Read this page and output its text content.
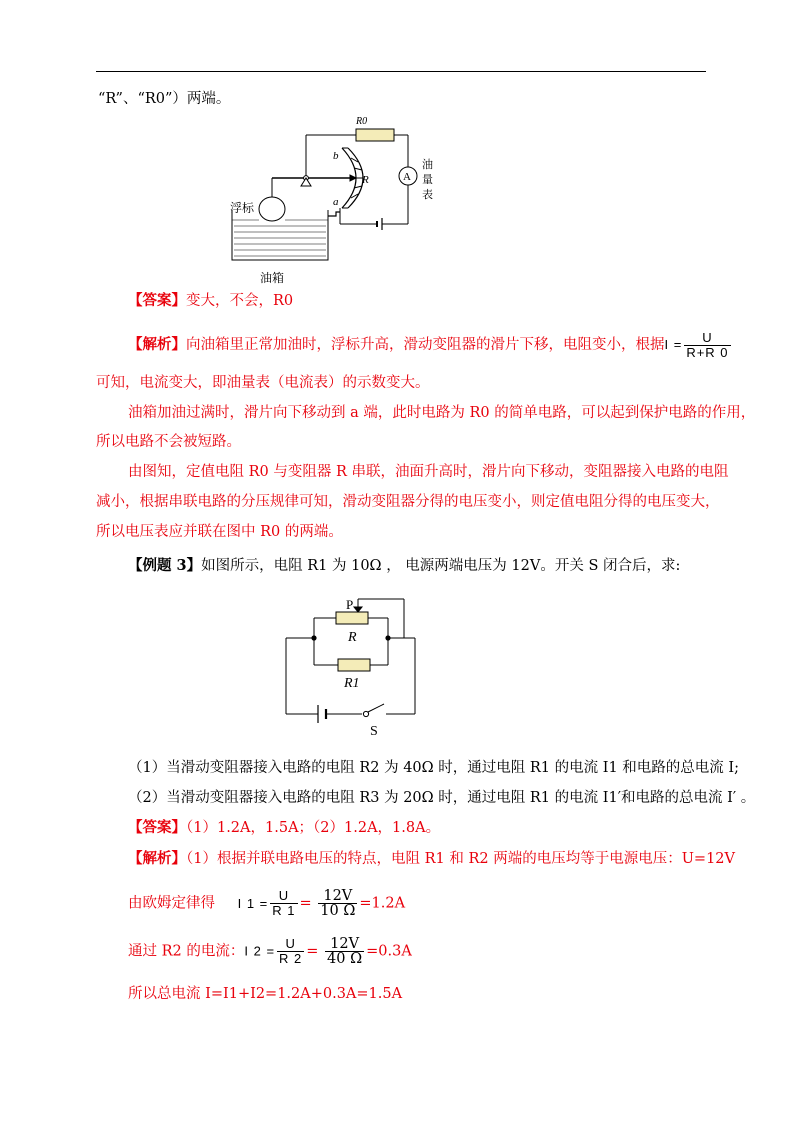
“R”、“R0”）两端。
R0
b
R
a
A
油
量
表
浮标
油箱
【答案】变大，不会，R0
【解析】向油箱里正常加油时，浮标升高，滑动变阻器的滑片下移，电阻变小，根据$I = \frac{U}{R+R 0}$
可知，电流变大，即油量表（电流表）的示数变大。
油箱加油过满时，滑片向下移动到 a 端，此时电路为 R0 的简单电路，可以起到保护电路的作用，
所以电路不会被短路。
由图知，定值电阻 R0 与变阻器 R 串联，油面升高时，滑片向下移动，变阻器接入电路的电阻
减小，根据串联电路的分压规律可知，滑动变阻器分得的电压变小，则定值电阻分得的电压变大，
所以电压表应并联在图中 R0 的两端。
【例题 3】如图所示，电阻 R1 为 10Ω ， 电源两端电压为 12V。开关 S 闭合后，求:
P
R
R1
S
（1）当滑动变阻器接入电路的电阻 R2 为 40Ω 时，通过电阻 R1 的电流 I1 和电路的总电流 I;
（2）当滑动变阻器接入电路的电阻 R3 为 20Ω 时，通过电阻 R1 的电流 I1′和电路的总电流 I′ 。
【答案】（1）1.2A，1.5A；（2）1.2A，1.8A。
【解析】（1）根据并联电路电压的特点，电阻 R1 和 R2 两端的电压均等于电源电压：U=12V
由欧姆定律得 I $1 = \frac{U}{R 1} = \frac{12V}{10 \Omega} =1.2A$
通过 R2 的电流：I $2 = \frac{U}{R 2} = \frac{12V}{40 \Omega} =0.3A$
所以总电流 I=I1+I2=1.2A+0.3A=1.5A
